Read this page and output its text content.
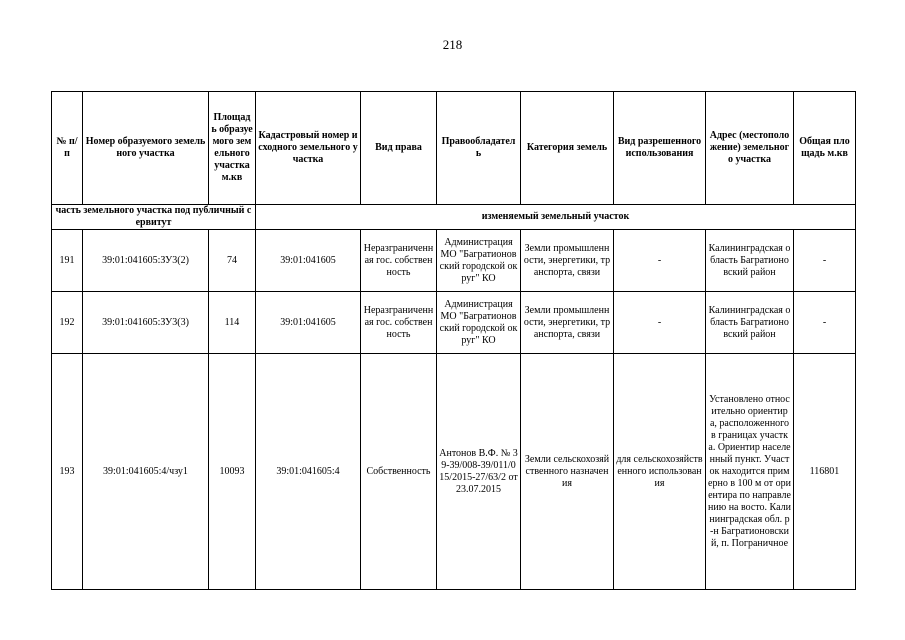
218
№ п/п	Номер образуемого земельного участка	Площадь образуемого земельного участка м.кв	Кадастровый номер исходного земельного участка	Вид права	Правообладатель	Категория земель	Вид разрешенного использования	Адрес (местоположение) земельного участка	Общая площадь м.кв
часть земельного участка под публичный сервитут			изменяемый земельный участок						
191	39:01:041605:ЗУ3(2)	74	39:01:041605	Неразграниченная гос. собственность	Администрация МО "Багратионовский городской округ" КО	Земли промышленности, энергетики, транспорта, связи	-	Калининградская область Багратионовский район	-
192	39:01:041605:ЗУ3(3)	114	39:01:041605	Неразграниченная гос. собственность	Администрация МО "Багратионовский городской округ" КО	Земли промышленности, энергетики, транспорта, связи	-	Калининградская область Багратионовский район	-
193	39:01:041605:4/чзу1	10093	39:01:041605:4	Собственность	Антонов В.Ф. № 39-39/008-39/011/015/2015-27/63/2 от 23.07.2015	Земли сельскохозяйственного назначения	для сельскохозяйственного использования	Установлено относительно ориентира, расположенного в границах участка. Ориентир населенный пункт. Участок находится примерно в 100 м от ориентира по направлению на восто. Калининградская обл. р-н Багратионовский, п. Пограничное	116801
